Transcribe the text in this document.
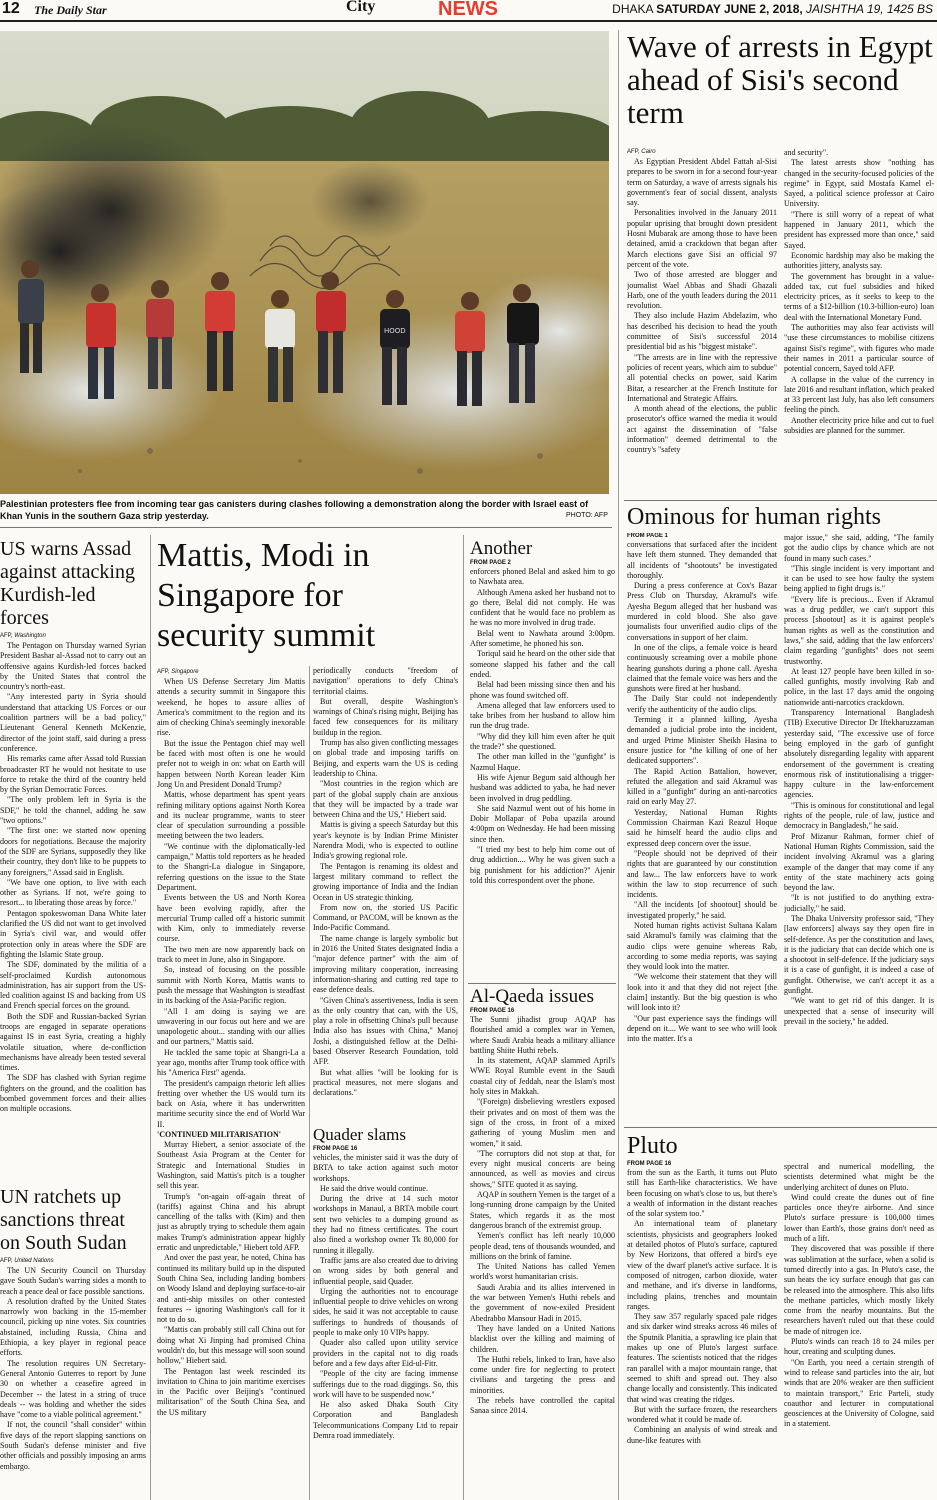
12 The Daily Star	City	NEWS	DHAKA SATURDAY JUNE 2, 2018, JAISHTHA 19, 1425 BS
HOOD
Palestinian protesters flee from incoming tear gas canisters during clashes following a demonstration along the border with Israel east of Khan Yunis in the southern Gaza strip yesterday.	PHOTO: AFP
Wave of arrests in Egypt ahead of Sisi's second term
AFP, Cairo

As Egyptian President Abdel Fattah al-Sisi prepares to be sworn in for a second four-year term on Saturday, a wave of arrests signals his government's fear of social dissent, analysts say.

Personalities involved in the January 2011 popular uprising that brought down president Hosni Mubarak are among those to have been detained, amid a crackdown that began after March elections gave Sisi an official 97 percent of the vote.

Two of those arrested are blogger and journalist Wael Abbas and Shadi Ghazali Harb, one of the youth leaders during the 2011 revolution.

They also include Hazim Abdelazim, who has described his decision to head the youth committee of Sisi's successful 2014 presidential bid as his "biggest mistake".

"The arrests are in line with the repressive policies of recent years, which aim to subdue" all potential checks on power, said Karim Bitar, a researcher at the French Institute for International and Strategic Affairs.

A month ahead of the elections, the public prosecutor's office warned the media it would act against the dissemination of "false information" deemed detrimental to the country's "safety

and security".

The latest arrests show "nothing has changed in the security-focused policies of the regime" in Egypt, said Mostafa Kamel el-Sayed, a political science professor at Cairo University.

"There is still worry of a repeat of what happened in January 2011, which the president has expressed more than once," said Sayed.

Economic hardship may also be making the authorities jittery, analysts say.

The government has brought in a value-added tax, cut fuel subsidies and hiked electricity prices, as it seeks to keep to the terms of a $12-billion (10.3-billion-euro) loan deal with the International Monetary Fund.

The authorities may also fear activists will "use these circumstances to mobilise citizens against Sisi's regime", with figures who made their names in 2011 a particular source of potential concern, Sayed told AFP.

A collapse in the value of the currency in late 2016 and resultant inflation, which peaked at 33 percent last July, has also left consumers feeling the pinch.

Another electricity price hike and cut to fuel subsidies are planned for the summer.

US warns Assad against attacking Kurdish-led forces
AFP, Washington

The Pentagon on Thursday warned Syrian President Bashar al-Assad not to carry out an offensive agains Kurdish-led forces backed by the United States that control the country's north-east.

"Any interested party in Syria should understand that attacking US Forces or our coalition partners will be a bad policy," Lieutenant General Kenneth McKenzie, director of the joint staff, said during a press conference.

His remarks came after Assad told Russian broadcaster RT he would not hesitate to use force to retake the third of the country held by the Syrian Democratic Forces.

"The only problem left in Syria is the SDF," he told the channel, adding he saw "two options."

"The first one: we started now opening doors for negotiations. Because the majority of the SDF are Syrians, supposedly they like their country, they don't like to be puppets to any foreigners," Assad said in English.

"We have one option, to live with each other as Syrians. If not, we're going to resort... to liberating those areas by force."

Pentagon spokeswoman Dana White later clarified the US did not want to get involved in Syria's civil war, and would offer protection only in areas where the SDF are fighting the Islamic State group.

The SDF, dominated by the militia of a self-proclaimed Kurdish autonomous administration, has air support from the US-led coalition against IS and backing from US and French special forces on the ground.

Both the SDF and Russian-backed Syrian troops are engaged in separate operations against IS in east Syria, creating a highly volatile situation, where de-confliction mechanisms have already been tested several times.

The SDF has clashed with Syrian regime fighters on the ground, and the coalition has bombed government forces and their allies on multiple occasions.

UN ratchets up sanctions threat on South Sudan
AFP, United Nations

The UN Security Council on Thursday gave South Sudan's warring sides a month to reach a peace deal or face possible sanctions.

A resolution drafted by the United States narrowly won backing in the 15-member council, picking up nine votes. Six countries abstained, including Russia, China and Ethiopia, a key player in regional peace efforts.

The resolution requires UN Secretary-General Antonio Guterres to report by June 30 on whether a ceasefire agreed in December -- the latest in a string of truce deals -- was holding and whether the sides have "come to a viable political agreement."

If not, the council "shall consider" within five days of the report slapping sanctions on South Sudan's defense minister and five other officials and possibly imposing an arms embargo.

Mattis, Modi in Singapore for security summit
AFP, Singapore

When US Defense Secretary Jim Mattis attends a security summit in Singapore this weekend, he hopes to assure allies of America's commitment to the region and its aim of checking China's seemingly inexorable rise.

But the issue the Pentagon chief may well be faced with most often is one he would prefer not to weigh in on: what on Earth will happen between North Korean leader Kim Jong Un and President Donald Trump?

Mattis, whose department has spent years refining military options against North Korea and its nuclear programme, wants to steer clear of speculation surrounding a possible meeting between the two leaders.

"We continue with the diplomatically-led campaign," Mattis told reporters as he headed to the Shangri-La dialogue in Singapore, referring questions on the issue to the State Department.

Events between the US and North Korea have been evolving rapidly, after the mercurial Trump called off a historic summit with Kim, only to immediately reverse course.

The two men are now apparently back on track to meet in June, also in Singapore.

So, instead of focusing on the possible summit with North Korea, Mattis wants to push the message that Washington is steadfast in its backing of the Asia-Pacific region.

"All I am doing is saying we are unwavering in our focus out here and we are unapologetic about... standing with our allies and our partners," Mattis said.

He tackled the same topic at Shangri-La a year ago, months after Trump took office with his "America First" agenda.

The president's campaign rhetoric left allies fretting over whether the US would turn its back on Asia, where it has underwritten maritime security since the end of World War II.

'CONTINUED MILITARISATION'

Murray Hiebert, a senior associate of the Southeast Asia Program at the Center for Strategic and International Studies in Washington, said Mattis's pitch is a tougher sell this year.

Trump's "on-again off-again threat of (tariffs) against China and his abrupt cancelling of the talks with (Kim) and then just as abruptly trying to schedule them again makes Trump's administration appear highly erratic and unpredictable," Hiebert told AFP.

And over the past year, he noted, China has continued its military build up in the disputed South China Sea, including landing bombers on Woody Island and deploying surface-to-air and anti-ship missiles on other contested features -- ignoring Washington's call for it not to do so.

"Mattis can probably still call China out for doing what Xi Jinping had promised China wouldn't do, but this message will soon sound hollow," Hiebert said.

The Pentagon last week rescinded its invitation to China to join maritime exercises in the Pacific over Beijing's "continued militarisation" of the South China Sea, and the US military

periodically conducts "freedom of navigation" operations to defy China's territorial claims.

But overall, despite Washington's warnings of China's rising might, Beijing has faced few consequences for its military buildup in the region.

Trump has also given conflicting messages on global trade and imposing tariffs on Beijing, and experts warn the US is ceding leadership to China.

"Most countries in the region which are part of the global supply chain are anxious that they will be impacted by a trade war between China and the US," Hiebert said.

Mattis is giving a speech Saturday but this year's keynote is by Indian Prime Minister Narendra Modi, who is expected to outline India's growing regional role.

The Pentagon is renaming its oldest and largest military command to reflect the growing importance of India and the Indian Ocean in US strategic thinking.

From now on, the storied US Pacific Command, or PACOM, will be known as the Indo-Pacific Command.

The name change is largely symbolic but in 2016 the United States designated India a "major defence partner" with the aim of improving military cooperation, increasing information-sharing and cutting red tape to ease defence deals.

"Given China's assertiveness, India is seen as the only country that can, with the US, play a role in offsetting China's pull because India also has issues with China," Manoj Joshi, a distinguished fellow at the Delhi-based Observer Research Foundation, told AFP.

But what allies "will be looking for is practical measures, not mere slogans and declarations."

Quader slams
FROM PAGE 16

vehicles, the minister said it was the duty of BRTA to take action against such motor workshops.

He said the drive would continue.

During the drive at 14 such motor workshops in Manaul, a BRTA mobile court sent two vehicles to a dumping ground as they had no fitness certificates. The court also fined a workshop owner Tk 80,000 for running it illegally.

Traffic jams are also created due to driving on wrong sides by both general and influential people, said Quader.

Urging the authorities not to encourage influential people to drive vehicles on wrong sides, he said it was not acceptable to cause sufferings to hundreds of thousands of people to make only 10 VIPs happy.

Quader also called upon utility service providers in the capital not to dig roads before and a few days after Eid-ul-Fitr.

"People of the city are facing immense sufferings due to the road diggings. So, this work will have to be suspended now."

He also asked Dhaka South City Corporation and Bangladesh Telecommunications Company Ltd to repair Demra road immediately.

Another
FROM PAGE 2

enforcers phoned Belal and asked him to go to Nawhata area.

Although Amena asked her husband not to go there, Belal did not comply. He was confident that he would face no problem as he was no more involved in drug trade.

Belal went to Nawhata around 3:00pm. After sometime, he phoned his son.

Toriqul said he heard on the other side that someone slapped his father and the call ended.

Belal had been missing since then and his phone was found switched off.

Amena alleged that law enforcers used to take bribes from her husband to allow him run the drug trade.

"Why did they kill him even after he quit the trade?" she questioned.

The other man killed in the "gunfight" is Nazmul Haque.

His wife Ajenur Begum said although her husband was addicted to yaba, he had never been involved in drug peddling.

She said Nazmul went out of his home in Dobir Mollapar of Poba upazila around 4:00pm on Wednesday. He had been missing since then.

"I tried my best to help him come out of drug addiction.... Why he was given such a big punishment for his addiction?" Ajenir told this correspondent over the phone.

Al-Qaeda issues
FROM PAGE 16

The Sunni jihadist group AQAP has flourished amid a complex war in Yemen, where Saudi Arabia heads a military alliance battling Shiite Huthi rebels.

In its statement, AQAP slammed April's WWE Royal Rumble event in the Saudi coastal city of Jeddah, near the Islam's most holy sites in Makkah.

"(Foreign) disbelieving wrestlers exposed their privates and on most of them was the sign of the cross, in front of a mixed gathering of young Muslim men and women," it said.

"The corruptors did not stop at that, for every night musical concerts are being announced, as well as movies and circus shows," SITE quoted it as saying.

AQAP in southern Yemen is the target of a long-running drone campaign by the United States, which regards it as the most dangerous branch of the extremist group.

Yemen's conflict has left nearly 10,000 people dead, tens of thousands wounded, and millions on the brink of famine.

The United Nations has called Yemen world's worst humanitarian crisis.

Saudi Arabia and its allies intervened in the war between Yemen's Huthi rebels and the government of now-exiled President Abedrabbo Mansour Hadi in 2015.

They have landed on a United Nations blacklist over the killing and maiming of children.

The Huthi rebels, linked to Iran, have also come under fire for neglecting to protect civilians and targeting the press and minorities.

The rebels have controlled the capital Sanaa since 2014.

Ominous for human rights
FROM PAGE 1

conversations that surfaced after the incident have left them stunned. They demanded that all incidents of "shootouts" be investigated thoroughly.

During a press conference at Cox's Bazar Press Club on Thursday, Akramul's wife Ayesha Begum alleged that her husband was murdered in cold blood. She also gave journalists four unverified audio clips of the conversations in support of her claim.

In one of the clips, a female voice is heard continuously screaming over a mobile phone hearing gunshots during a phone call. Ayesha claimed that the female voice was hers and the gunshots were fired at her husband.

The Daily Star could not independently verify the authenticity of the audio clips.

Terming it a planned killing, Ayesha demanded a judicial probe into the incident, and urged Prime Minister Sheikh Hasina to ensure justice for "the killing of one of her dedicated supporters".

The Rapid Action Battalion, however, refuted the allegation and said Akramul was killed in a "gunfight" during an anti-narcotics raid on early May 27.

Yesterday, National Human Rights Commission Chairman Kazi Reazul Hoque said he himself heard the audio clips and expressed deep concern over the issue.

"People should not be deprived of their rights that are guaranteed by our constitution and law... The law enforcers have to work within the law to stop recurrence of such incidents.

"All the incidents [of shootout] should be investigated properly," he said.

Noted human rights activist Sultana Kalam said Akramul's family was claiming that the audio clips were genuine whereas Rab, according to some media reports, was saying they would look into the matter.

"We welcome their statement that they will look into it and that they did not reject [the claim] instantly. But the big question is who will look into it?

"Our past experience says the findings will depend on it.... We want to see who will look into the matter. It's a

major issue," she said, adding, "The family got the audio clips by chance which are not found in many such cases."

"This single incident is very important and it can be used to see how faulty the system being applied to fight drugs is."

"Every life is precious... Even if Akramul was a drug peddler, we can't support this process [shootout] as it is against people's human rights as well as the constitution and laws," she said, adding that the law enforcers' claim regarding "gunfights" does not seem trustworthy.

At least 127 people have been killed in so-called gunfights, mostly involving Rab and police, in the last 17 days amid the ongoing nationwide anti-narcotics crackdown.

Transparency International Bangladesh (TIB) Executive Director Dr Iftekharuzzaman yesterday said, "The excessive use of force being employed in the garb of gunfight absolutely disregarding legality with apparent endorsement of the government is creating enormous risk of institutionalising a trigger-happy culture in the law-enforcement agencies.

"This is ominous for constitutional and legal rights of the people, rule of law, justice and democracy in Bangladesh," he said.

Prof Mizanur Rahman, former chief of National Human Rights Commission, said the incident involving Akramul was a glaring example of the danger that may come if any entity of the state machinery acts going beyond the law.

"It is not justified to do anything extra-judicially," he said.

The Dhaka University professor said, "They [law enforcers] always say they open fire in self-defence. As per the constitution and laws, it is the judiciary that can decide which one is a shootout in self-defence. If the judiciary says it is a case of gunfight, it is indeed a case of gunfight. Otherwise, we can't accept it as a gunfight.

"We want to get rid of this danger. It is unexpected that a sense of insecurity will prevail in the society," he added.

Pluto
FROM PAGE 16

from the sun as the Earth, it turns out Pluto still has Earth-like characteristics. We have been focusing on what's close to us, but there's a wealth of information in the distant reaches of the solar system too."

An international team of planetary scientists, physicists and geographers looked at detailed photos of Pluto's surface, captured by New Horizons, that offered a bird's eye view of the dwarf planet's active surface. It is composed of nitrogen, carbon dioxide, water and methane, and it's diverse in landforms, including plains, trenches and mountain ranges.

They saw 357 regularly spaced pale ridges and six darker wind streaks across 46 miles of the Sputnik Planitia, a sprawling ice plain that makes up one of Pluto's largest surface features. The scientists noticed that the ridges ran parallel with a major mountain range, that seemed to shift and spread out. They also change locally and consistently. This indicated that wind was creating the ridges.

But with the surface frozen, the researchers wondered what it could be made of.

Combining an analysis of wind streak and dune-like features with

spectral and numerical modelling, the scientists determined what might be the underlying architect of dunes on Pluto.

Wind could create the dunes out of fine particles once they're airborne. And since Pluto's surface pressure is 100,000 times lower than Earth's, those grains don't need as much of a lift.

They discovered that was possible if there was sublimation at the surface, when a solid is turned directly into a gas. In Pluto's case, the sun heats the icy surface enough that gas can be released into the atmosphere. This also lifts the methane particles, which mostly likely come from the nearby mountains. But the researchers haven't ruled out that these could be made of nitrogen ice.

Pluto's winds can reach 18 to 24 miles per hour, creating and sculpting dunes.

"On Earth, you need a certain strength of wind to release sand particles into the air, but winds that are 20% weaker are then sufficient to maintain transport," Eric Parteli, study coauthor and lecturer in computational geosciences at the University of Cologne, said in a statement.
